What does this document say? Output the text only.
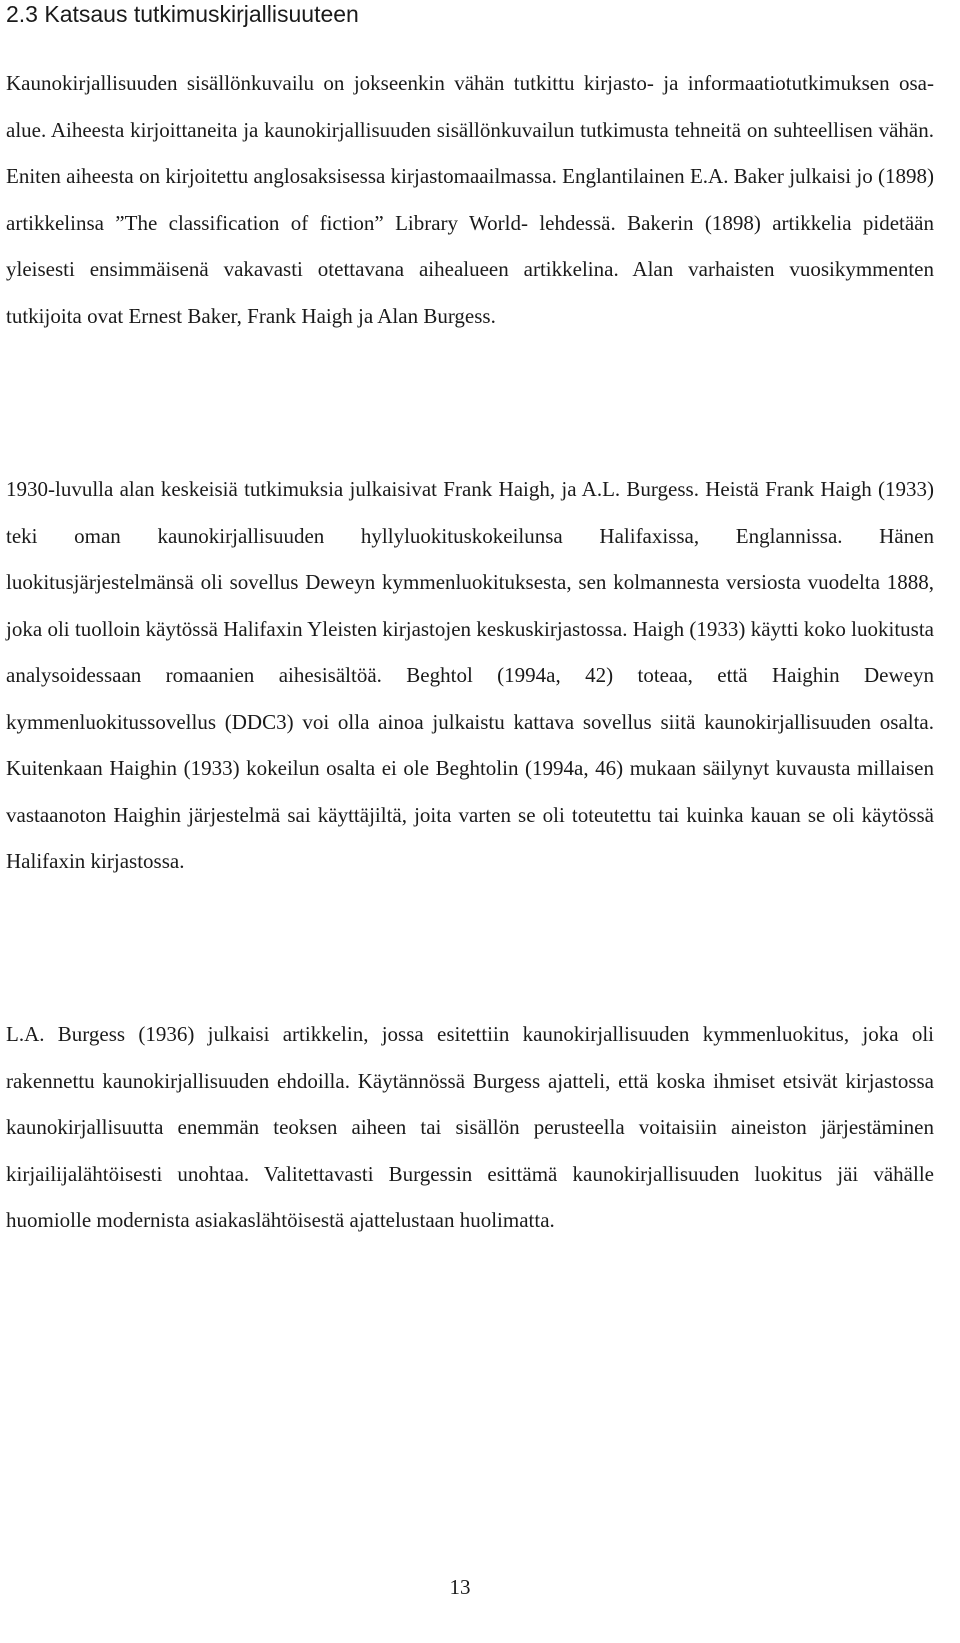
2.3 Katsaus tutkimuskirjallisuuteen

Kaunokirjallisuuden sisällönkuvailu on jokseenkin vähän tutkittu kirjasto- ja informaatiotutkimuksen osa-alue. Aiheesta kirjoittaneita ja kaunokirjallisuuden sisällönkuvailun tutkimusta tehneitä on suhteellisen vähän. Eniten aiheesta on kirjoitettu anglosaksisessa kirjastomaailmassa. Englantilainen E.A. Baker julkaisi jo (1898) artikkelinsa ”The classification of fiction” Library World- lehdessä. Bakerin (1898) artikkelia pidetään yleisesti ensimmäisenä vakavasti otettavana aihealueen artikkelina. Alan varhaisten vuosikymmenten tutkijoita ovat Ernest Baker, Frank Haigh ja Alan Burgess.

1930-luvulla alan keskeisiä tutkimuksia julkaisivat Frank Haigh, ja A.L. Burgess. Heistä Frank Haigh (1933) teki oman kaunokirjallisuuden hyllyluokituskokeilunsa Halifaxissa, Englannissa. Hänen luokitusjärjestelmänsä oli sovellus Deweyn kymmenluokituksesta, sen kolmannesta versiosta vuodelta 1888, joka oli tuolloin käytössä Halifaxin Yleisten kirjastojen keskuskirjastossa. Haigh (1933) käytti koko luokitusta analysoidessaan romaanien aihesisältöä. Beghtol (1994a, 42) toteaa, että Haighin Deweyn kymmenluokitussovellus (DDC3) voi olla ainoa julkaistu kattava sovellus siitä kaunokirjallisuuden osalta. Kuitenkaan Haighin (1933) kokeilun osalta ei ole Beghtolin (1994a, 46) mukaan säilynyt kuvausta millaisen vastaanoton Haighin järjestelmä sai käyttäjiltä, joita varten se oli toteutettu tai kuinka kauan se oli käytössä Halifaxin kirjastossa.

L.A. Burgess (1936) julkaisi artikkelin, jossa esitettiin kaunokirjallisuuden kymmenluokitus, joka oli rakennettu kaunokirjallisuuden ehdoilla. Käytännössä Burgess ajatteli, että koska ihmiset etsivät kirjastossa kaunokirjallisuutta enemmän teoksen aiheen tai sisällön perusteella voitaisiin aineiston järjestäminen kirjailijalähtöisesti unohtaa. Valitettavasti Burgessin esittämä kaunokirjallisuuden luokitus jäi vähälle huomiolle modernista asiakaslähtöisestä ajattelustaan huolimatta.

13
